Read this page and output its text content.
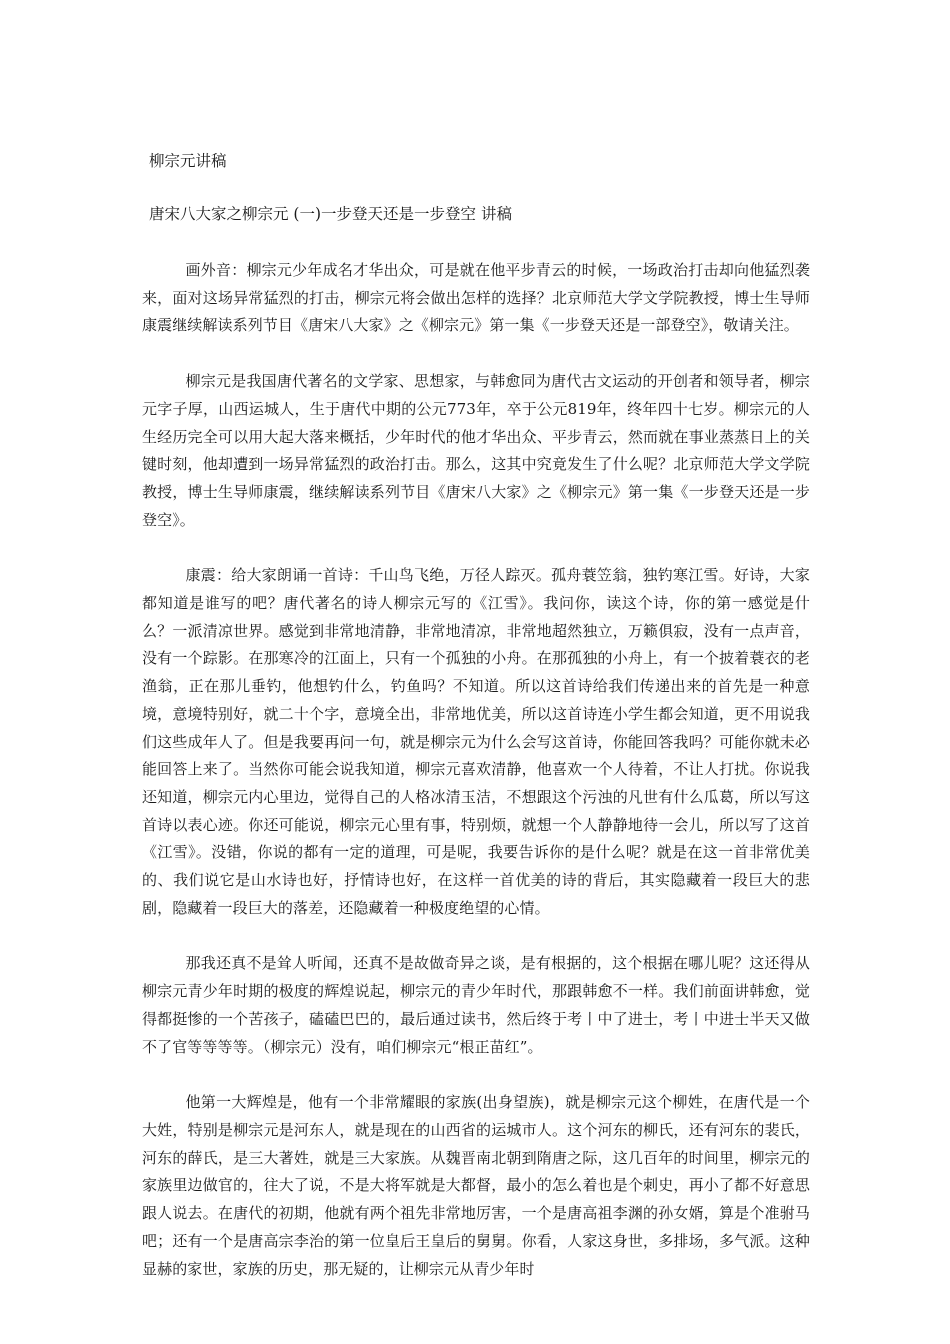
柳宗元讲稿
唐宋八大家之柳宗元 (一)一步登天还是一步登空 讲稿

画外音：柳宗元少年成名才华出众，可是就在他平步青云的时候，一场政治打击却向他猛烈袭来，面对这场异常猛烈的打击，柳宗元将会做出怎样的选择？北京师范大学文学院教授，博士生导师康震继续解读系列节目《唐宋八大家》之《柳宗元》第一集《一步登天还是一部登空》，敬请关注。

柳宗元是我国唐代著名的文学家、思想家，与韩愈同为唐代古文运动的开创者和领导者，柳宗元字子厚，山西运城人，生于唐代中期的公元773年，卒于公元819年，终年四十七岁。柳宗元的人生经历完全可以用大起大落来概括，少年时代的他才华出众、平步青云，然而就在事业蒸蒸日上的关键时刻，他却遭到一场异常猛烈的政治打击。那么，这其中究竟发生了什么呢？北京师范大学文学院教授，博士生导师康震，继续解读系列节目《唐宋八大家》之《柳宗元》第一集《一步登天还是一步登空》。

康震：给大家朗诵一首诗：千山鸟飞绝，万径人踪灭。孤舟蓑笠翁，独钓寒江雪。好诗，大家都知道是谁写的吧？唐代著名的诗人柳宗元写的《江雪》。我问你，读这个诗，你的第一感觉是什么？一派清凉世界。感觉到非常地清静，非常地清凉，非常地超然独立，万籁俱寂，没有一点声音，没有一个踪影。在那寒冷的江面上，只有一个孤独的小舟。在那孤独的小舟上，有一个披着蓑衣的老渔翁，正在那儿垂钓，他想钓什么，钓鱼吗？不知道。所以这首诗给我们传递出来的首先是一种意境，意境特别好，就二十个字，意境全出，非常地优美，所以这首诗连小学生都会知道，更不用说我们这些成年人了。但是我要再问一句，就是柳宗元为什么会写这首诗，你能回答我吗？可能你就未必能回答上来了。当然你可能会说我知道，柳宗元喜欢清静，他喜欢一个人待着，不让人打扰。你说我还知道，柳宗元内心里边，觉得自己的人格冰清玉洁，不想跟这个污浊的凡世有什么瓜葛，所以写这首诗以表心迹。你还可能说，柳宗元心里有事，特别烦，就想一个人静静地待一会儿，所以写了这首《江雪》。没错，你说的都有一定的道理，可是呢，我要告诉你的是什么呢？就是在这一首非常优美的、我们说它是山水诗也好，抒情诗也好，在这样一首优美的诗的背后，其实隐藏着一段巨大的悲剧，隐藏着一段巨大的落差，还隐藏着一种极度绝望的心情。

那我还真不是耸人听闻，还真不是故做奇异之谈，是有根据的，这个根据在哪儿呢？这还得从柳宗元青少年时期的极度的辉煌说起，柳宗元的青少年时代，那跟韩愈不一样。我们前面讲韩愈，觉得都挺惨的一个苦孩子，磕磕巴巴的，最后通过读书，然后终于考丨中了进士，考丨中进士半天又做不了官等等等等。（柳宗元）没有，咱们柳宗元“根正苗红”。

他第一大辉煌是，他有一个非常耀眼的家族(出身望族)，就是柳宗元这个柳姓，在唐代是一个大姓，特别是柳宗元是河东人，就是现在的山西省的运城市人。这个河东的柳氏，还有河东的裴氏，河东的薛氏，是三大著姓，就是三大家族。从魏晋南北朝到隋唐之际，这几百年的时间里，柳宗元的家族里边做官的，往大了说，不是大将军就是大都督，最小的怎么着也是个刺史，再小了都不好意思跟人说去。在唐代的初期，他就有两个祖先非常地厉害，一个是唐高祖李渊的孙女婿，算是个准驸马吧；还有一个是唐高宗李治的第一位皇后王皇后的舅舅。你看，人家这身世，多排场，多气派。这种显赫的家世，家族的历史，那无疑的，让柳宗元从青少年时
